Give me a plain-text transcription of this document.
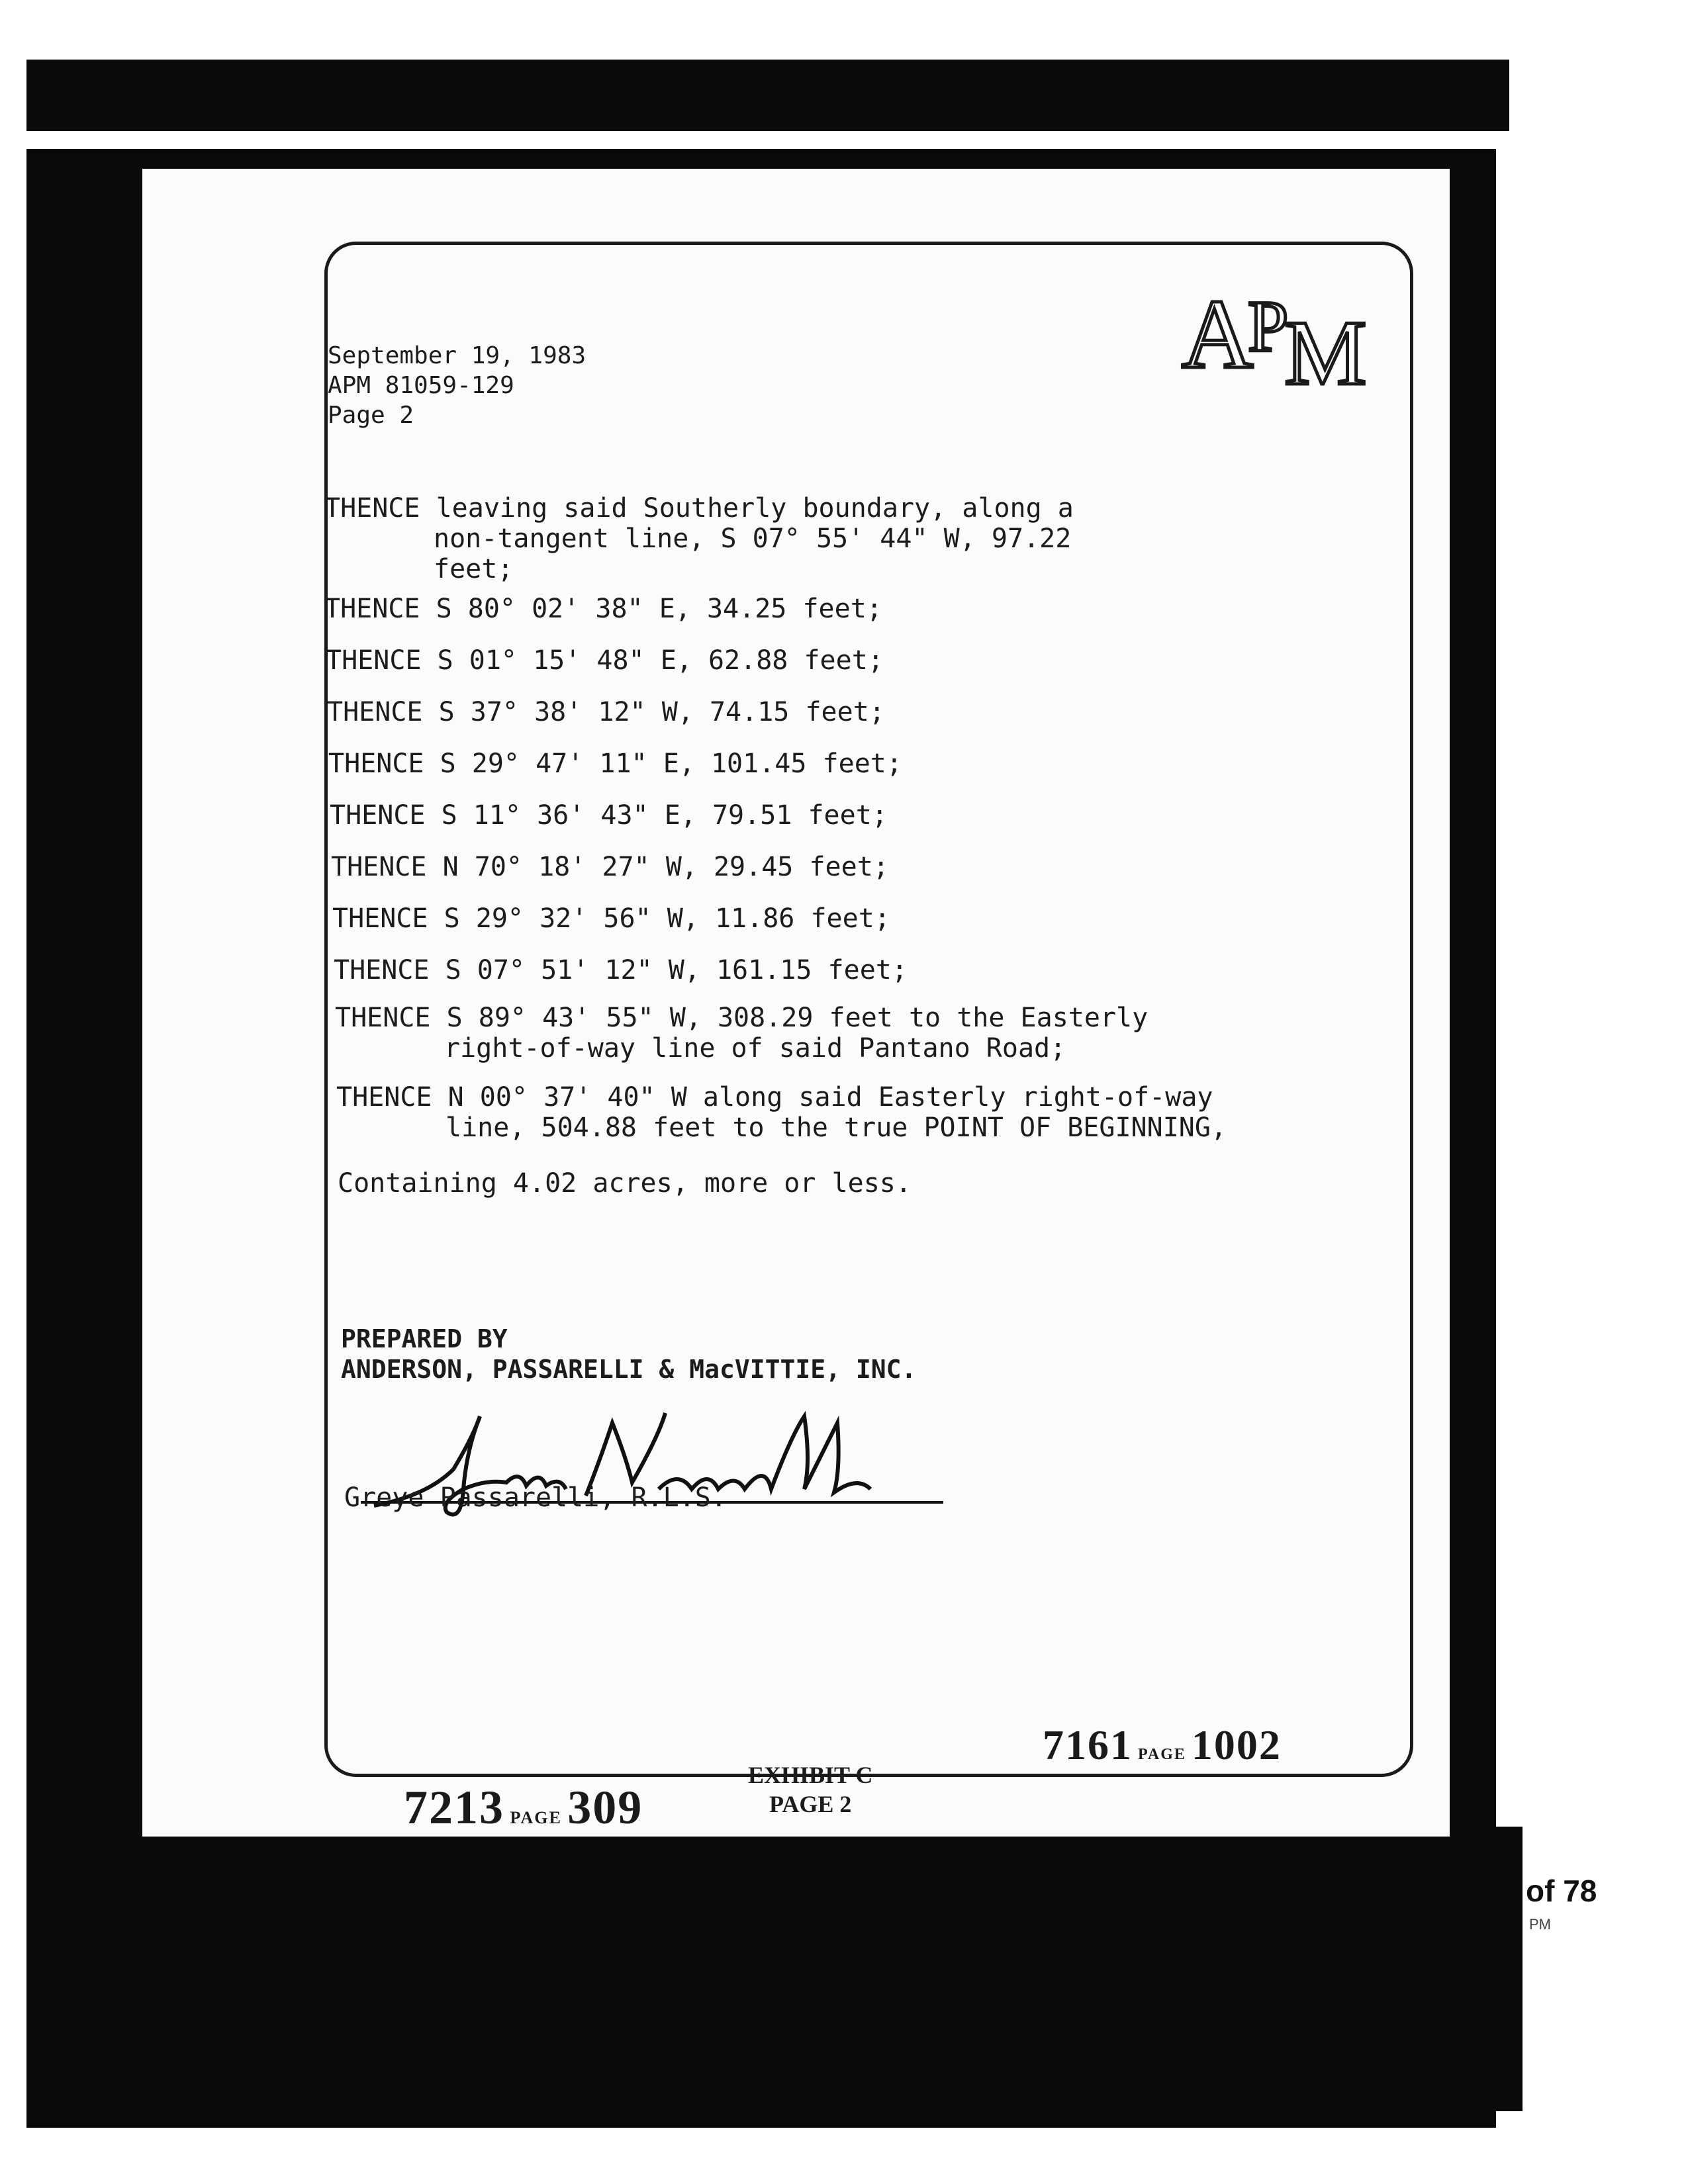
A P
M
September 19, 1983
APM 81059-129
Page 2
THENCE leaving said Southerly boundary, along a

non-tangent line, S 07° 55' 44" W, 97.22
feet;
THENCE S 80° 02' 38" E, 34.25 feet;
THENCE S 01° 15' 48" E, 62.88 feet;
THENCE S 37° 38' 12" W, 74.15 feet;
THENCE S 29° 47' 11" E, 101.45 feet;
THENCE S 11° 36' 43" E, 79.51 feet;
THENCE N 70° 18' 27" W, 29.45 feet;
THENCE S 29° 32' 56" W, 11.86 feet;
THENCE S 07° 51' 12" W, 161.15 feet;
THENCE S 89° 43' 55" W, 308.29 feet to the Easterly

right-of-way line of said Pantano Road;
THENCE N 00° 37' 40" W along said Easterly right-of-way

line, 504.88 feet to the true POINT OF BEGINNING,
Containing 4.02 acres, more or less.
PREPARED BY
ANDERSON, PASSARELLI & MacVITTIE, INC.
Greye Passarelli, R.L.S.
EXHIBIT C
PAGE 2
7213 PAGE 309
7161 PAGE 1002
of 78
PM
